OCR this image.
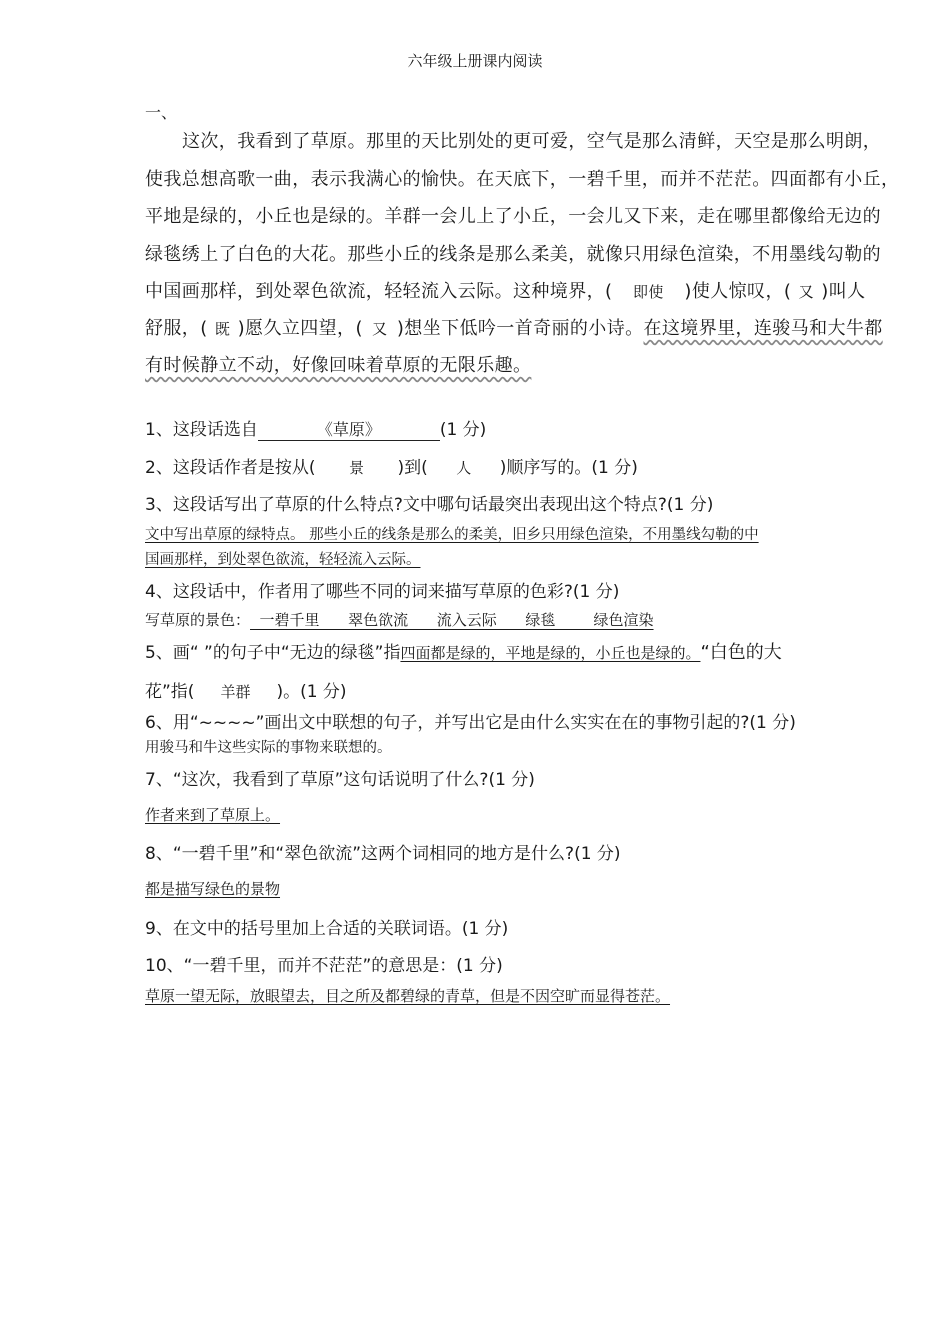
六年级上册课内阅读
一、
这次，我看到了草原。那里的天比别处的更可爱，空气是那么清鲜，天空是那么明朗，
使我总想高歌一曲，表示我满心的愉快。在天底下，一碧千里，而并不茫茫。四面都有小丘，
平地是绿的，小丘也是绿的。羊群一会儿上了小丘，一会儿又下来，走在哪里都像给无边的
绿毯绣上了白色的大花。那些小丘的线条是那么柔美，就像只用绿色渲染，不用墨线勾勒的
中国画那样，到处翠色欲流，轻轻流入云际。这种境界，( 即使 )使人惊叹，( 又 )叫人
舒服，( 既 )愿久立四望，( 又 )想坐下低吟一首奇丽的小诗。在这境界里，连骏马和大牛都
有时候静立不动，好像回味着草原的无限乐趣。
1、这段话选自	《草原》	(1 分)
2、这段话作者是按从( 景 )到( 人 )顺序写的。(1 分)
3、这段话写出了草原的什么特点?文中哪句话最突出表现出这个特点?(1 分)
文中写出草原的绿特点。 那些小丘的线条是那么的柔美，旧乡只用绿色渲染，不用墨线勾勒的中
国画那样，到处翠色欲流，轻轻流入云际。
4、这段话中，作者用了哪些不同的词来描写草原的色彩?(1 分)
写草原的景色：  一碧千里      翠色欲流      流入云际      绿毯        绿色渲染
5、画“ ”的句子中“无边的绿毯”指四面都是绿的，平地是绿的，小丘也是绿的。“白色的大
花”指( 羊群 )。(1 分)
6、用“~~~~”画出文中联想的句子，并写出它是由什么实实在在的事物引起的?(1 分)
用骏马和牛这些实际的事物来联想的。
7、“这次，我看到了草原”这句话说明了什么?(1 分)
作者来到了草原上。
8、“一碧千里”和“翠色欲流”这两个词相同的地方是什么?(1 分)
都是描写绿色的景物
9、在文中的括号里加上合适的关联词语。(1 分)
10、“一碧千里，而并不茫茫”的意思是：(1 分)
草原一望无际，放眼望去，目之所及都碧绿的青草，但是不因空旷而显得苍茫。
